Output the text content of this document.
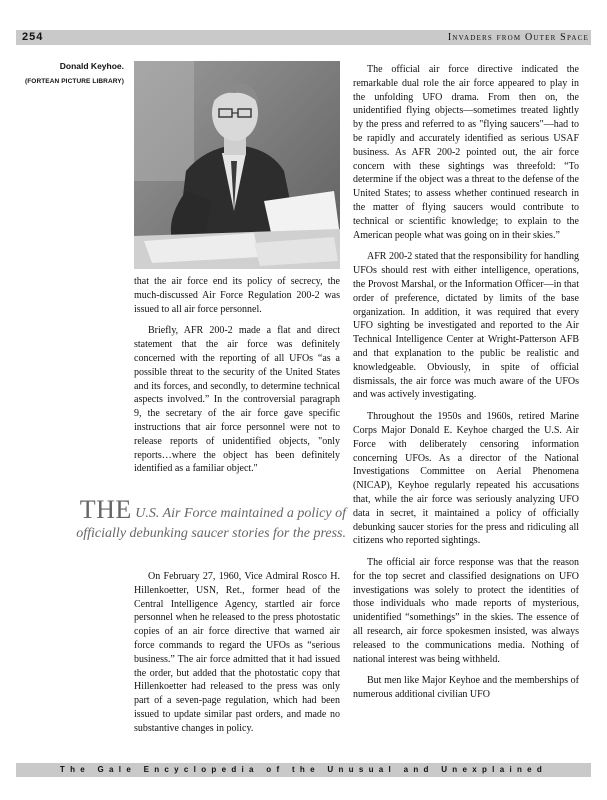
254	Invaders from Outer Space
Donald Keyhoe.
(FORTEAN PICTURE LIBRARY)

that the air force end its policy of secrecy, the much-discussed Air Force Regulation 200-2 was issued to all air force personnel.

Briefly, AFR 200-2 made a flat and direct statement that the air force was definitely concerned with the reporting of all UFOs “as a possible threat to the security of the United States and its forces, and secondly, to determine technical aspects involved.” In the controversial paragraph 9, the secretary of the air force gave specific instructions that air force personnel were not to release reports of unidentified objects, "only reports…where the object has been definitely identified as a familiar object."

THE U.S. Air Force maintained a policy of officially debunking saucer stories for the press.

On February 27, 1960, Vice Admiral Rosco H. Hillenkoetter, USN, Ret., former head of the Central Intelligence Agency, startled air force personnel when he released to the press photostatic copies of an air force directive that warned air force commands to regard the UFOs as “serious business.” The air force admitted that it had issued the order, but added that the photostatic copy that Hillenkoetter had released to the press was only part of a seven-page regulation, which had been issued to update similar past orders, and made no substantive changes in policy.

The official air force directive indicated the remarkable dual role the air force appeared to play in the unfolding UFO drama. From then on, the unidentified flying objects—sometimes treated lightly by the press and referred to as "flying saucers"—had to be rapidly and accurately identified as serious USAF business. As AFR 200-2 pointed out, the air force concern with these sightings was threefold: “To determine if the object was a threat to the defense of the United States; to assess whether continued research in the matter of flying saucers would contribute to technical or scientific knowledge; to explain to the American people what was going on in their skies.”

AFR 200-2 stated that the responsibility for handling UFOs should rest with either intelligence, operations, the Provost Marshal, or the Information Officer—in that order of preference, dictated by limits of the base organization. In addition, it was required that every UFO sighting be investigated and reported to the Air Technical Intelligence Center at Wright-Patterson AFB and that explanation to the public be realistic and knowledgeable. Obviously, in spite of official dismissals, the air force was much aware of the UFOs and was actively investigating.

Throughout the 1950s and 1960s, retired Marine Corps Major Donald E. Keyhoe charged the U.S. Air Force with deliberately censoring information concerning UFOs. As a director of the National Investigations Committee on Aerial Phenomena (NICAP), Keyhoe regularly repeated his accusations that, while the air force was seriously analyzing UFO data in secret, it maintained a policy of officially debunking saucer stories for the press and ridiculing all citizens who reported sightings.

The official air force response was that the reason for the top secret and classified designations on UFO investigations was solely to protect the identities of those individuals who made reports of mysterious, unidentified “somethings” in the skies. The essence of all research, air force spokesmen insisted, was always released to the communications media. Nothing of national interest was being withheld.

But men like Major Keyhoe and the memberships of numerous additional civilian UFO

The Gale Encyclopedia of the Unusual and Unexplained
